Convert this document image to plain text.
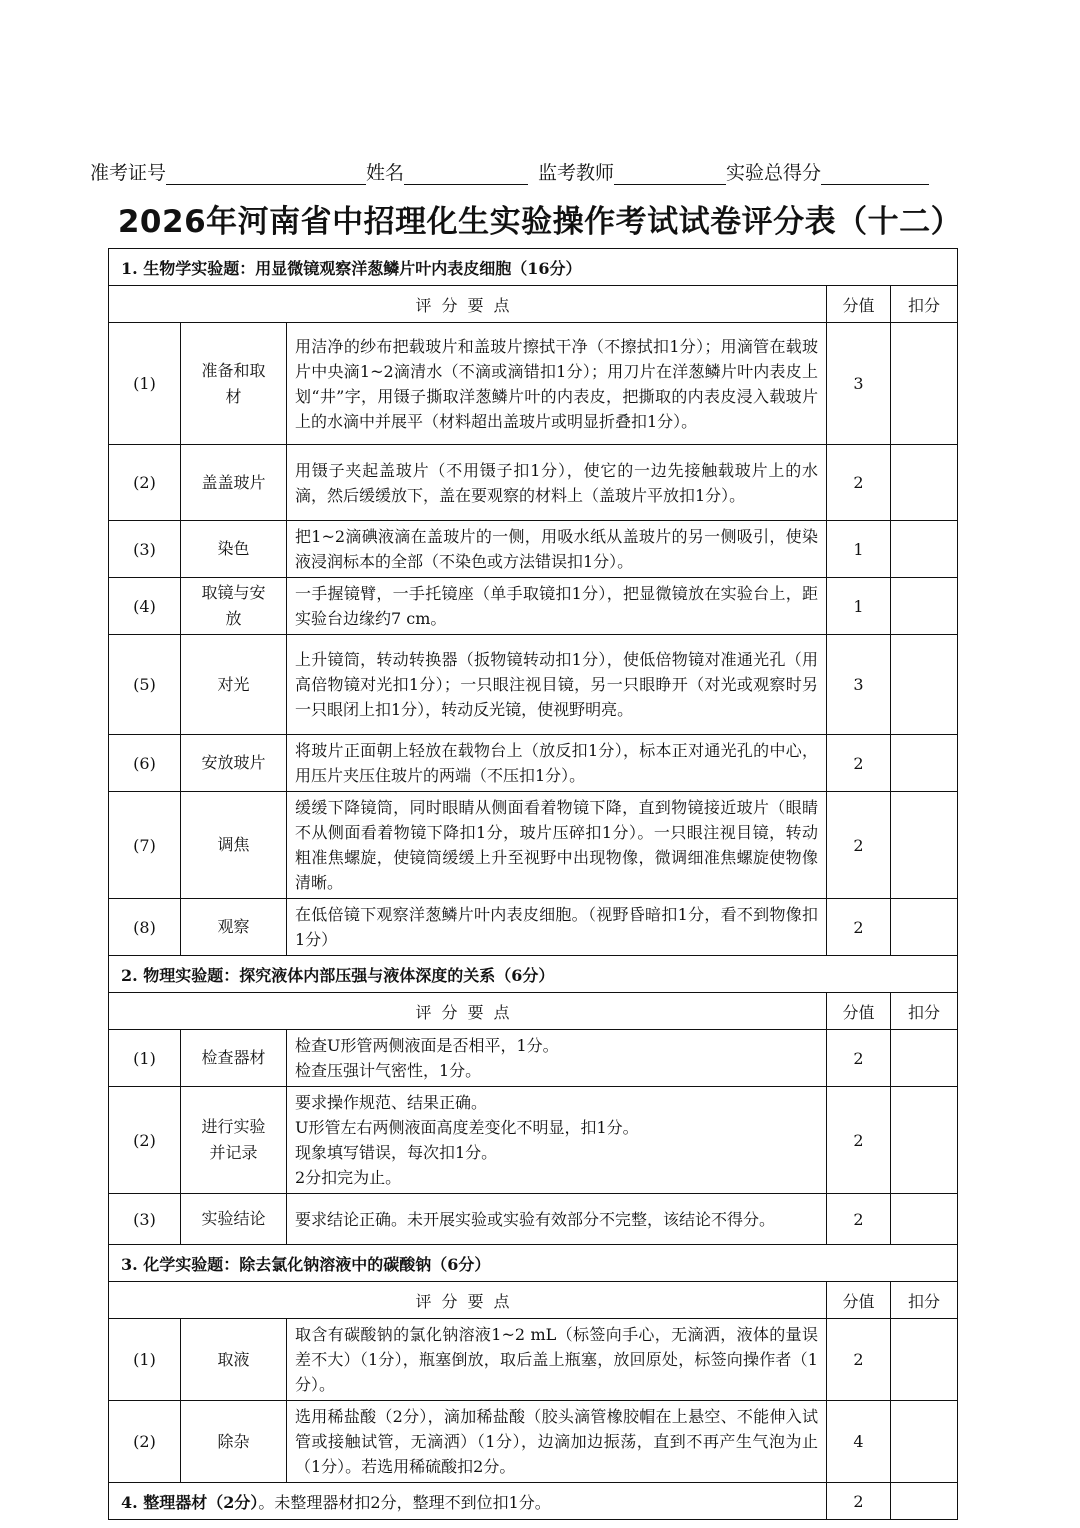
准考证号	姓名	监考教师	实验总得分
2026年河南省中招理化生实验操作考试试卷评分表（十二）
1. 生物学实验题：用显微镜观察洋葱鳞片叶内表皮细胞（16分）				
评分要点			分值	扣分
(1)	准备和取材	用洁净的纱布把载玻片和盖玻片擦拭干净（不擦拭扣1分）；用滴管在载玻片中央滴1~2滴清水（不滴或滴错扣1分）；用刀片在洋葱鳞片叶内表皮上划“井”字，用镊子撕取洋葱鳞片叶的内表皮，把撕取的内表皮浸入载玻片上的水滴中并展平（材料超出盖玻片或明显折叠扣1分）。	3	
(2)	盖盖玻片	用镊子夹起盖玻片（不用镊子扣1分），使它的一边先接触载玻片上的水滴，然后缓缓放下，盖在要观察的材料上（盖玻片平放扣1分）。	2	
(3)	染色	把1~2滴碘液滴在盖玻片的一侧，用吸水纸从盖玻片的另一侧吸引，使染液浸润标本的全部（不染色或方法错误扣1分）。	1	
(4)	取镜与安放	一手握镜臂，一手托镜座（单手取镜扣1分），把显微镜放在实验台上，距实验台边缘约7 cm。	1	
(5)	对光	上升镜筒，转动转换器（扳物镜转动扣1分），使低倍物镜对准通光孔（用高倍物镜对光扣1分）；一只眼注视目镜，另一只眼睁开（对光或观察时另一只眼闭上扣1分），转动反光镜，使视野明亮。	3	
(6)	安放玻片	将玻片正面朝上轻放在载物台上（放反扣1分），标本正对通光孔的中心，用压片夹压住玻片的两端（不压扣1分）。	2	
(7)	调焦	缓缓下降镜筒，同时眼睛从侧面看着物镜下降，直到物镜接近玻片（眼睛不从侧面看着物镜下降扣1分，玻片压碎扣1分）。一只眼注视目镜，转动粗准焦螺旋，使镜筒缓缓上升至视野中出现物像，微调细准焦螺旋使物像清晰。	2	
(8)	观察	在低倍镜下观察洋葱鳞片叶内表皮细胞。（视野昏暗扣1分，看不到物像扣1分）	2	
2. 物理实验题：探究液体内部压强与液体深度的关系（6分）				
评分要点			分值	扣分
(1)	检查器材	检查U形管两侧液面是否相平，1分。
检查压强计气密性，1分。	2	
(2)	进行实验并记录	要求操作规范、结果正确。
U形管左右两侧液面高度差变化不明显，扣1分。
现象填写错误，每次扣1分。
2分扣完为止。	2	
(3)	实验结论	要求结论正确。未开展实验或实验有效部分不完整，该结论不得分。	2	
3. 化学实验题：除去氯化钠溶液中的碳酸钠（6分）				
评分要点			分值	扣分
(1)	取液	取含有碳酸钠的氯化钠溶液1~2 mL（标签向手心，无滴洒，液体的量误差不大）（1分），瓶塞倒放，取后盖上瓶塞，放回原处，标签向操作者（1分）。	2	
(2)	除杂	选用稀盐酸（2分），滴加稀盐酸（胶头滴管橡胶帽在上悬空、不能伸入试管或接触试管，无滴洒）（1分），边滴加边振荡，直到不再产生气泡为止（1分）。若选用稀硫酸扣2分。	4	
4. 整理器材（2分）。未整理器材扣2分，整理不到位扣1分。			2	
